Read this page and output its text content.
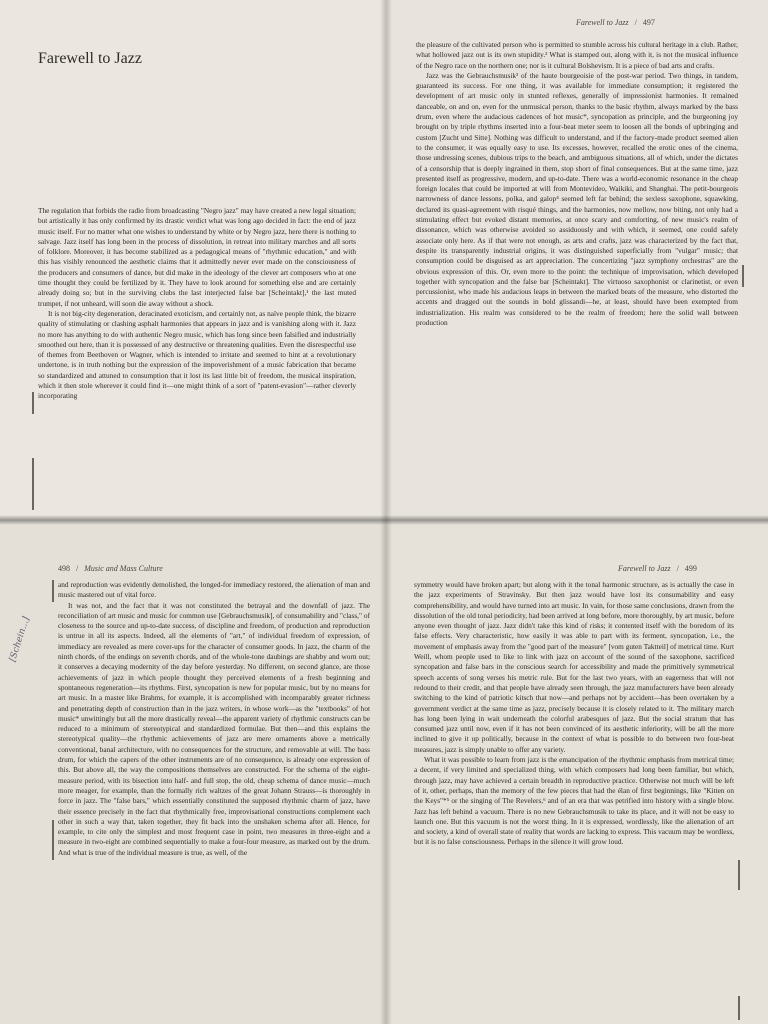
Farewell to Jazz

The regulation that forbids the radio from broadcasting "Negro jazz" may have created a new legal situation; but artistically it has only confirmed by its drastic verdict what was long ago decided in fact: the end of jazz music itself. For no matter what one wishes to understand by white or by Negro jazz, here there is nothing to salvage. Jazz itself has long been in the process of dissolution, in retreat into military marches and all sorts of folklore. Moreover, it has become stabilized as a pedagogical means of "rhythmic education," and with this has visibly renounced the aesthetic claims that it admittedly never ever made on the consciousness of the producers and consumers of dance, but did make in the ideology of the clever art composers who at one time thought they could be fertilized by it. They have to look around for something else and are certainly already doing so; but in the surviving clubs the last interjected false bar [Scheintakt],¹ the last muted trumpet, if not unheard, will soon die away without a shock.

It is not big-city degeneration, deracinated exoticism, and certainly not, as naïve people think, the bizarre quality of stimulating or clashing asphalt harmonies that appears in jazz and is vanishing along with it. Jazz no more has anything to do with authentic Negro music, which has long since been falsified and industrially smoothed out here, than it is possessed of any destructive or threatening qualities. Even the disrespectful use of themes from Beethoven or Wagner, which is intended to irritate and seemed to hint at a revolutionary undertone, is in truth nothing but the expression of the impoverishment of a music fabrication that became so standardized and attuned to consumption that it lost its last little bit of freedom, the musical inspiration, which it then stole wherever it could find it—one might think of a sort of "patent-evasion"—rather cleverly incorporating

Farewell to Jazz / 497

the pleasure of the cultivated person who is permitted to stumble across his cultural heritage in a club. Rather, what hollowed jazz out is its own stupidity.² What is stamped out, along with it, is not the musical influence of the Negro race on the northern one; nor is it cultural Bolshevism. It is a piece of bad arts and crafts.

Jazz was the Gebrauchsmusik³ of the haute bourgeoisie of the post-war period. Two things, in tandem, guaranteed its success. For one thing, it was available for immediate consumption; it registered the development of art music only in stunted reflexes, generally of impressionist harmonies. It remained danceable, on and on, even for the unmusical person, thanks to the basic rhythm, always marked by the bass drum, even where the audacious cadences of hot music*, syncopation as principle, and the burgeoning joy brought on by triple rhythms inserted into a four-beat meter seem to loosen all the bonds of upbringing and custom [Zucht und Sitte]. Nothing was difficult to understand, and if the factory-made product seemed alien to the consumer, it was equally easy to use. Its excesses, however, recalled the erotic ones of the cinema, those undressing scenes, dubious trips to the beach, and ambiguous situations, all of which, under the dictates of a censorship that is deeply ingrained in them, stop short of final consequences. But at the same time, jazz presented itself as progressive, modern, and up-to-date. There was a world-economic resonance in the cheap foreign locales that could be imported at will from Montevideo, Waikiki, and Shanghai. The petit-bourgeois narrowness of dance lessons, polka, and galop⁴ seemed left far behind; the sexless saxophone, squawking, declared its quasi-agreement with risqué things, and the harmonies, now mellow, now biting, not only had a stimulating effect but evoked distant memories, at once scary and comforting, of new music's realm of dissonance, which was otherwise avoided so assiduously and with which, it seemed, one could safely associate only here. As if that were not enough, as arts and crafts, jazz was characterized by the fact that, despite its transparently industrial origins, it was distinguished superficially from "vulgar" music; that consumption could be disguised as art appreciation. The concertizing "jazz symphony orchestras" are the obvious expression of this. Or, even more to the point: the technique of improvisation, which developed together with syncopation and the false bar [Scheintakt]. The virtuoso saxophonist or clarinetist, or even percussionist, who made his audacious leaps in between the marked beats of the measure, who distorted the accents and dragged out the sounds in bold glissandi—he, at least, should have been exempted from industrialization. His realm was considered to be the realm of freedom; here the solid wall between production

498 / Music and Mass Culture

and reproduction was evidently demolished, the longed-for immediacy restored, the alienation of man and music mastered out of vital force.

It was not, and the fact that it was not constituted the betrayal and the downfall of jazz. The reconciliation of art music and music for common use [Gebrauchsmusik], of consumability and "class," of closeness to the source and up-to-date success, of discipline and freedom, of production and reproduction is untrue in all its aspects. Indeed, all the elements of "art," of individual freedom of expression, of immediacy are revealed as mere cover-ups for the character of consumer goods. In jazz, the charm of the ninth chords, of the endings on seventh chords, and of the whole-tone daubings are shabby and worn out; it conserves a decaying modernity of the day before yesterday. No different, on second glance, are those achievements of jazz in which people thought they perceived elements of a fresh beginning and spontaneous regeneration—its rhythms. First, syncopation is new for popular music, but by no means for art music. In a master like Brahms, for example, it is accomplished with incomparably greater richness and penetrating depth of construction than in the jazz writers, in whose work—as the "textbooks" of hot music* unwittingly but all the more drastically reveal—the apparent variety of rhythmic constructs can be reduced to a minimum of stereotypical and standardized formulae. But then—and this explains the stereotypical quality—the rhythmic achievements of jazz are mere ornaments above a metrically conventional, banal architecture, with no consequences for the structure, and removable at will. The bass drum, for which the capers of the other instruments are of no consequence, is already one expression of this. But above all, the way the compositions themselves are constructed. For the schema of the eight-measure period, with its bisection into half- and full stop, the old, cheap schema of dance music—much more meager, for example, than the formally rich waltzes of the great Johann Strauss—is thoroughly in force in jazz. The "false bars," which essentially constituted the supposed rhythmic charm of jazz, have their essence precisely in the fact that rhythmically free, improvisational constructions complement each other in such a way that, taken together, they fit back into the unshaken schema after all. Hence, for example, to cite only the simplest and most frequent case in point, two measures in three-eight and a measure in two-eight are combined sequentially to make a four-four measure, as marked out by the drum. And what is true of the individual measure is true, as well, of the

[Schein...]
Farewell to Jazz / 499

symmetry would have broken apart; but along with it the tonal harmonic structure, as is actually the case in the jazz experiments of Stravinsky. But then jazz would have lost its consumability and easy comprehensibility, and would have turned into art music. In vain, for those same conclusions, drawn from the dissolution of the old tonal periodicity, had been arrived at long before, more thoroughly, by art music, before anyone even thought of jazz. Jazz didn't take this kind of risks; it contented itself with the boredom of its false effects. Very characteristic, how easily it was able to part with its ferment, syncopation, i.e., the movement of emphasis away from the "good part of the measure" [vom guten Taktteil] of metrical time. Kurt Weill, whom people used to like to link with jazz on account of the sound of the saxophone, sacrificed syncopation and false bars in the conscious search for accessibility and made the primitively symmetrical speech accents of song verses his metric rule. But for the last two years, with an eagerness that will not redound to their credit, and that people have already seen through, the jazz manufacturers have been already switching to the kind of patriotic kitsch that now—and perhaps not by accident—has been overtaken by a government verdict at the same time as jazz, precisely because it is closely related to it. The military march has long been lying in wait underneath the colorful arabesques of jazz. But the social stratum that has consumed jazz until now, even if it has not been convinced of its aesthetic inferiority, will be all the more inclined to give it up politically, because in the context of what is possible to do between two four-beat measures, jazz is simply unable to offer any variety.

What it was possible to learn from jazz is the emancipation of the rhythmic emphasis from metrical time; a decent, if very limited and specialized thing, with which composers had long been familiar, but which, through jazz, may have achieved a certain breadth in reproductive practice. Otherwise not much will be left of it, other, perhaps, than the memory of the few pieces that had the élan of first beginnings, like "Kitten on the Keys"*⁵ or the singing of The Revelers,⁶ and of an era that was petrified into history with a single blow. Jazz has left behind a vacuum. There is no new Gebrauchsmusik to take its place, and it will not be easy to launch one. But this vacuum is not the worst thing. In it is expressed, wordlessly, like the alienation of art and society, a kind of overall state of reality that words are lacking to express. This vacuum may be wordless, but it is no false consciousness. Perhaps in the silence it will grow loud.
